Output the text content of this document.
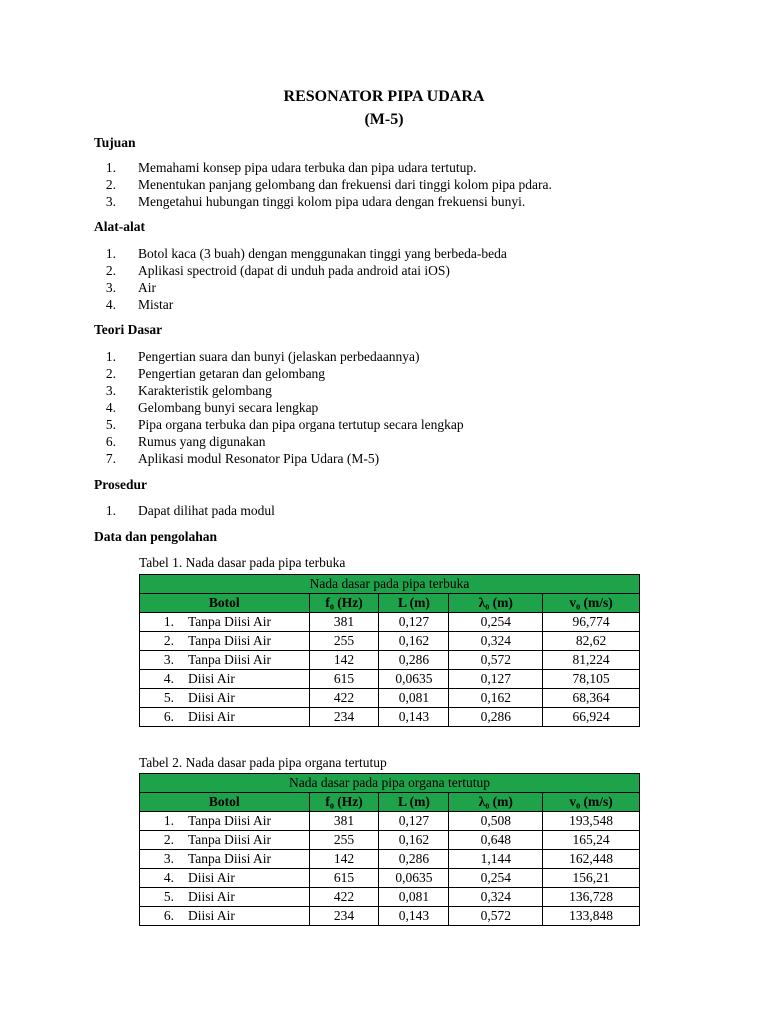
RESONATOR PIPA UDARA
(M-5)
Tujuan
1. Memahami konsep pipa udara terbuka dan pipa udara tertutup.
2. Menentukan panjang gelombang dan frekuensi dari tinggi kolom pipa pdara.
3. Mengetahui hubungan tinggi kolom pipa udara dengan frekuensi bunyi.
Alat-alat
1. Botol kaca (3 buah) dengan menggunakan tinggi yang berbeda-beda
2. Aplikasi spectroid (dapat di unduh pada android atai iOS)
3. Air
4. Mistar
Teori Dasar
1. Pengertian suara dan bunyi (jelaskan perbedaannya)
2. Pengertian getaran dan gelombang
3. Karakteristik gelombang
4. Gelombang bunyi secara lengkap
5. Pipa organa terbuka dan pipa organa tertutup secara lengkap
6. Rumus yang digunakan
7. Aplikasi modul Resonator Pipa Udara (M-5)
Prosedur
1. Dapat dilihat pada modul
Data dan pengolahan
Tabel 1. Nada dasar pada pipa terbuka
Nada dasar pada pipa terbuka				
Botol	f₀ (Hz)	L (m)	λ₀ (m)	v₀ (m/s)
1. Tanpa Diisi Air	381	0,127	0,254	96,774
2. Tanpa Diisi Air	255	0,162	0,324	82,62
3. Tanpa Diisi Air	142	0,286	0,572	81,224
4. Diisi Air	615	0,0635	0,127	78,105
5. Diisi Air	422	0,081	0,162	68,364
6. Diisi Air	234	0,143	0,286	66,924
Tabel 2. Nada dasar pada pipa organa tertutup
Nada dasar pada pipa organa tertutup				
Botol	f₀ (Hz)	L (m)	λ₀ (m)	v₀ (m/s)
1. Tanpa Diisi Air	381	0,127	0,508	193,548
2. Tanpa Diisi Air	255	0,162	0,648	165,24
3. Tanpa Diisi Air	142	0,286	1,144	162,448
4. Diisi Air	615	0,0635	0,254	156,21
5. Diisi Air	422	0,081	0,324	136,728
6. Diisi Air	234	0,143	0,572	133,848
